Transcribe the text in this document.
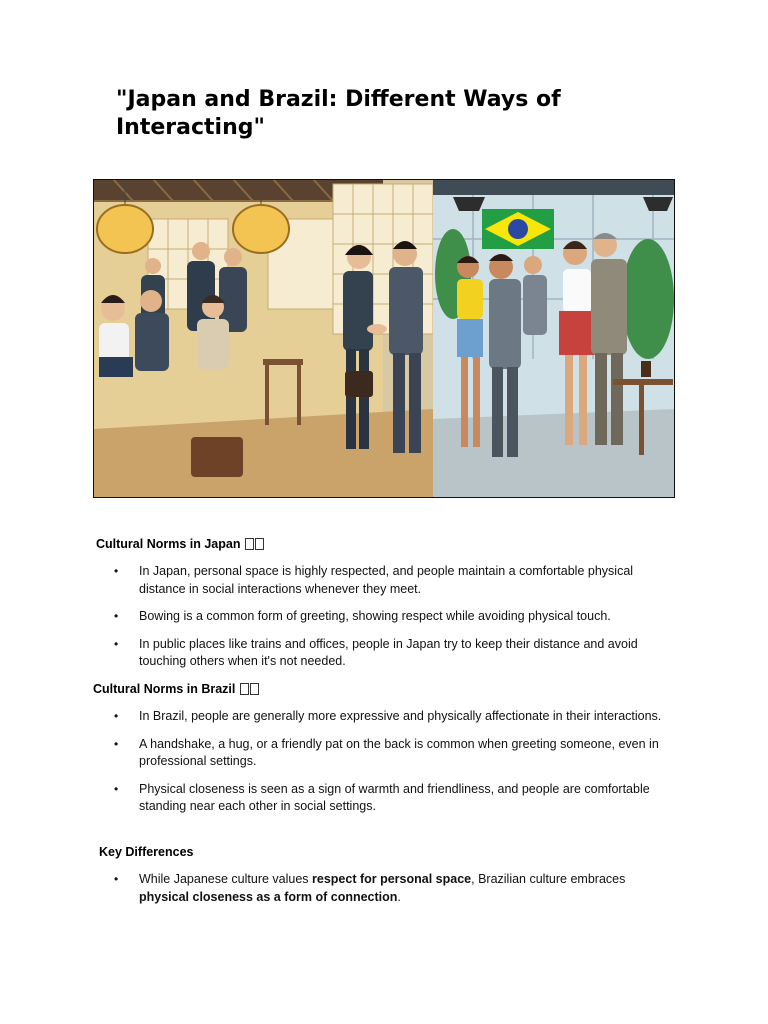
"Japan and Brazil: Different Ways of Interacting"
Cultural Norms in Japan
• In Japan, personal space is highly respected, and people maintain a comfortable physical distance in social interactions whenever they meet.
• Bowing is a common form of greeting, showing respect while avoiding physical touch.
• In public places like trains and offices, people in Japan try to keep their distance and avoid touching others when it's not needed.
Cultural Norms in Brazil
• In Brazil, people are generally more expressive and physically affectionate in their interactions.
• A handshake, a hug, or a friendly pat on the back is common when greeting someone, even in professional settings.
• Physical closeness is seen as a sign of warmth and friendliness, and people are comfortable standing near each other in social settings.
Key Differences
• While Japanese culture values respect for personal space, Brazilian culture embraces physical closeness as a form of connection.
